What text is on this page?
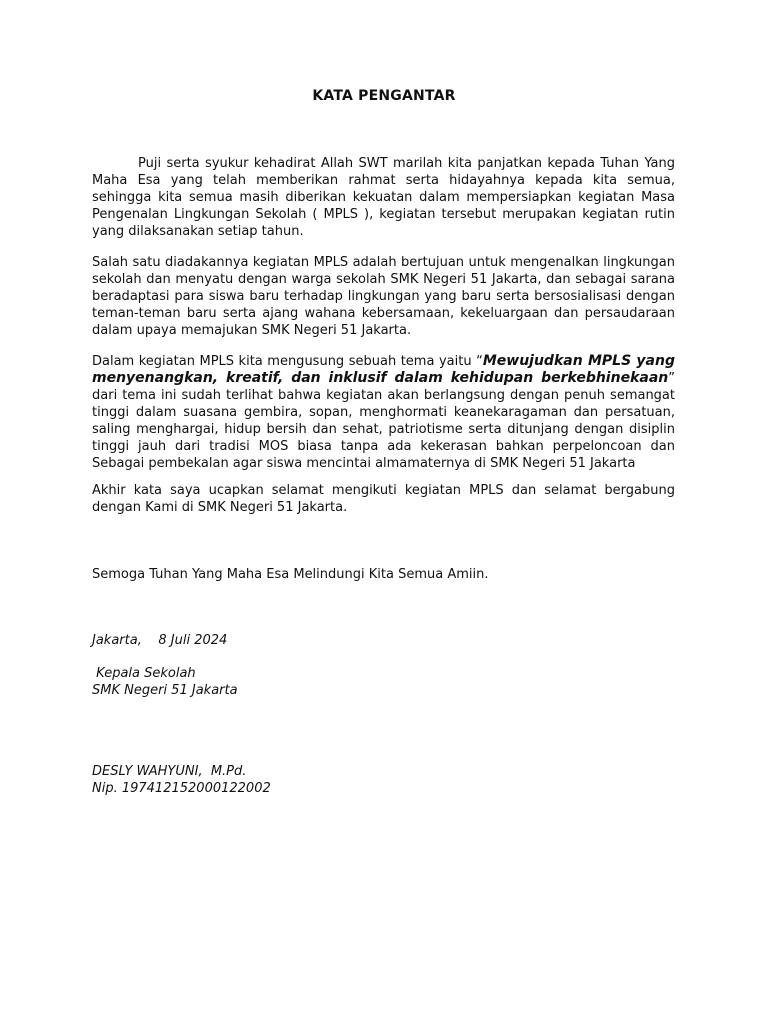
KATA PENGANTAR

Puji serta syukur kehadirat Allah SWT marilah kita panjatkan kepada Tuhan Yang Maha Esa yang telah memberikan rahmat serta hidayahnya kepada kita semua, sehingga kita semua masih diberikan kekuatan dalam mempersiapkan kegiatan Masa Pengenalan Lingkungan Sekolah ( MPLS ), kegiatan tersebut merupakan kegiatan rutin yang dilaksanakan setiap tahun.

Salah satu diadakannya kegiatan MPLS adalah bertujuan untuk mengenalkan lingkungan sekolah dan menyatu dengan warga sekolah SMK Negeri 51 Jakarta, dan sebagai sarana beradaptasi para siswa baru terhadap lingkungan yang baru serta bersosialisasi dengan teman-teman baru serta ajang wahana kebersamaan, kekeluargaan dan persaudaraan dalam upaya memajukan SMK Negeri 51 Jakarta.

Dalam kegiatan MPLS kita mengusung sebuah tema yaitu “Mewujudkan MPLS yang menyenangkan, kreatif, dan inklusif dalam kehidupan berkebhinekaan” dari tema ini sudah terlihat bahwa kegiatan akan berlangsung dengan penuh semangat tinggi dalam suasana gembira, sopan, menghormati keanekaragaman dan persatuan, saling menghargai, hidup bersih dan sehat, patriotisme serta ditunjang dengan disiplin tinggi jauh dari tradisi MOS biasa tanpa ada kekerasan bahkan perpeloncoan dan Sebagai pembekalan agar siswa mencintai almamaternya di SMK Negeri 51 Jakarta

Akhir kata saya ucapkan selamat mengikuti kegiatan MPLS dan selamat bergabung dengan Kami di SMK Negeri 51 Jakarta.

Semoga Tuhan Yang Maha Esa Melindungi Kita Semua Amiin.

Jakarta,    8 Juli 2024

Kepala Sekolah

SMK Negeri 51 Jakarta

DESLY WAHYUNI,  M.Pd.

Nip. 197412152000122002
